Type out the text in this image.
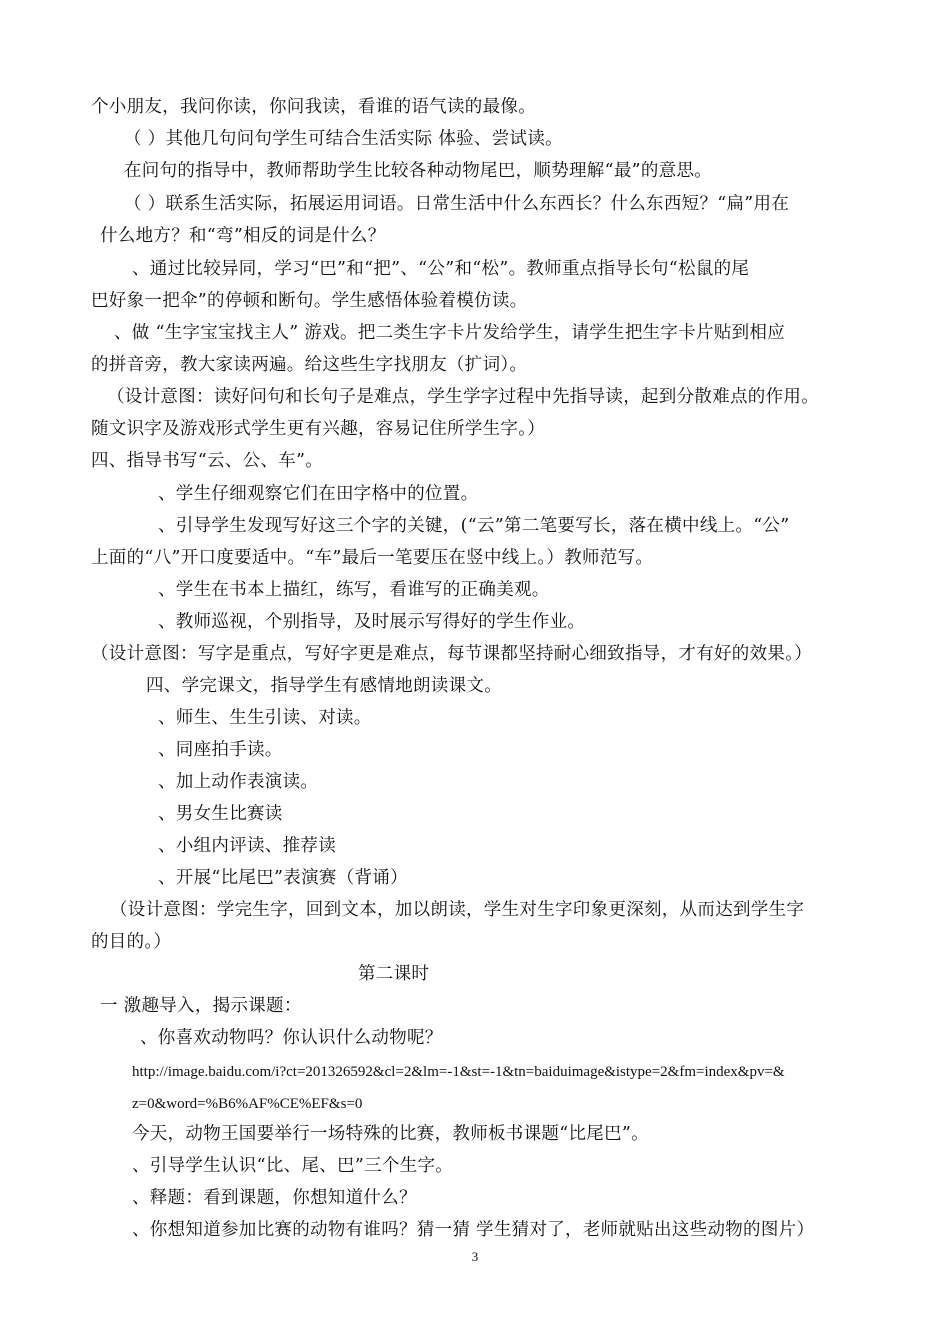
个小朋友，我问你读，你问我读，看谁的语气读的最像。
（ ）其他几句问句学生可结合生活实际 体验、尝试读。
在问句的指导中，教师帮助学生比较各种动物尾巴，顺势理解“最”的意思。
（ ）联系生活实际，拓展运用词语。日常生活中什么东西长？什么东西短？“扁”用在
什么地方？和“弯”相反的词是什么？
、通过比较异同，学习“巴”和“把”、“公”和“松”。教师重点指导长句“松鼠的尾
巴好象一把伞”的停顿和断句。学生感悟体验着模仿读。
、做 “生字宝宝找主人” 游戏。把二类生字卡片发给学生，请学生把生字卡片贴到相应
的拼音旁，教大家读两遍。给这些生字找朋友（扩词）。
（设计意图：读好问句和长句子是难点，学生学字过程中先指导读，起到分散难点的作用。
随文识字及游戏形式学生更有兴趣，容易记住所学生字。）
四、指导书写“云、公、车”。
、学生仔细观察它们在田字格中的位置。
、引导学生发现写好这三个字的关键，(“云”第二笔要写长，落在横中线上。“公”
上面的“八”开口度要适中。“车”最后一笔要压在竖中线上。）教师范写。
、学生在书本上描红，练写，看谁写的正确美观。
、教师巡视，个别指导，及时展示写得好的学生作业。
（设计意图：写字是重点，写好字更是难点，每节课都坚持耐心细致指导，才有好的效果。）
四、学完课文，指导学生有感情地朗读课文。
、师生、生生引读、对读。
、同座拍手读。
、加上动作表演读。
、男女生比赛读
、小组内评读、推荐读
、开展“比尾巴”表演赛（背诵）
（设计意图：学完生字，回到文本，加以朗读，学生对生字印象更深刻，从而达到学生字
的目的。）
第二课时
一 激趣导入，揭示课题：
、你喜欢动物吗？你认识什么动物呢？
http://image.baidu.com/i?ct=201326592&cl=2&lm=-1&st=-1&tn=baiduimage&istype=2&fm=index&pv=&
z=0&word=%B6%AF%CE%EF&s=0
今天，动物王国要举行一场特殊的比赛，教师板书课题“比尾巴”。
、引导学生认识“比、尾、巴”三个生字。
、释题：看到课题，你想知道什么？
、你想知道参加比赛的动物有谁吗？猜一猜 学生猜对了，老师就贴出这些动物的图片）
3
